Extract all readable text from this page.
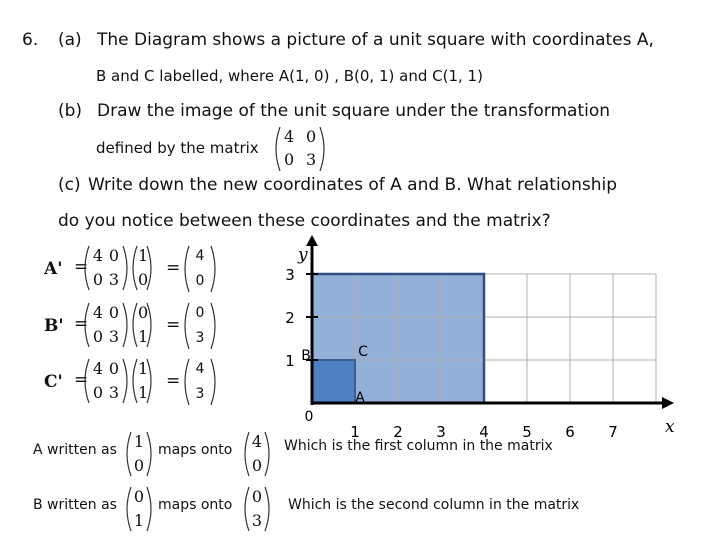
6. (a) The Diagram shows a picture of a unit square with coordinates A,
B and C labelled, where A(1, 0) , B(0, 1) and C(1, 1)
(b) Draw the image of the unit square under the transformation
defined by the matrix
4 0
0 3
(c) Write down the new coordinates of A and B. What relationship
do you notice between these coordinates and the matrix?
A' =
4 0
0 3
1
0
=
4
0
B' =
4 0
0 3
0
1
=
0
3
C' =
4 0
0 3
1
1
=
4
3
A written as 1
0
maps onto 4
0
Which is the first column in the matrix
B written as 0
1
maps onto 0
3
Which is the second column in the matrix
1 2 3 4 5 6 7
1
2
3
0
y
x
A
B	C
